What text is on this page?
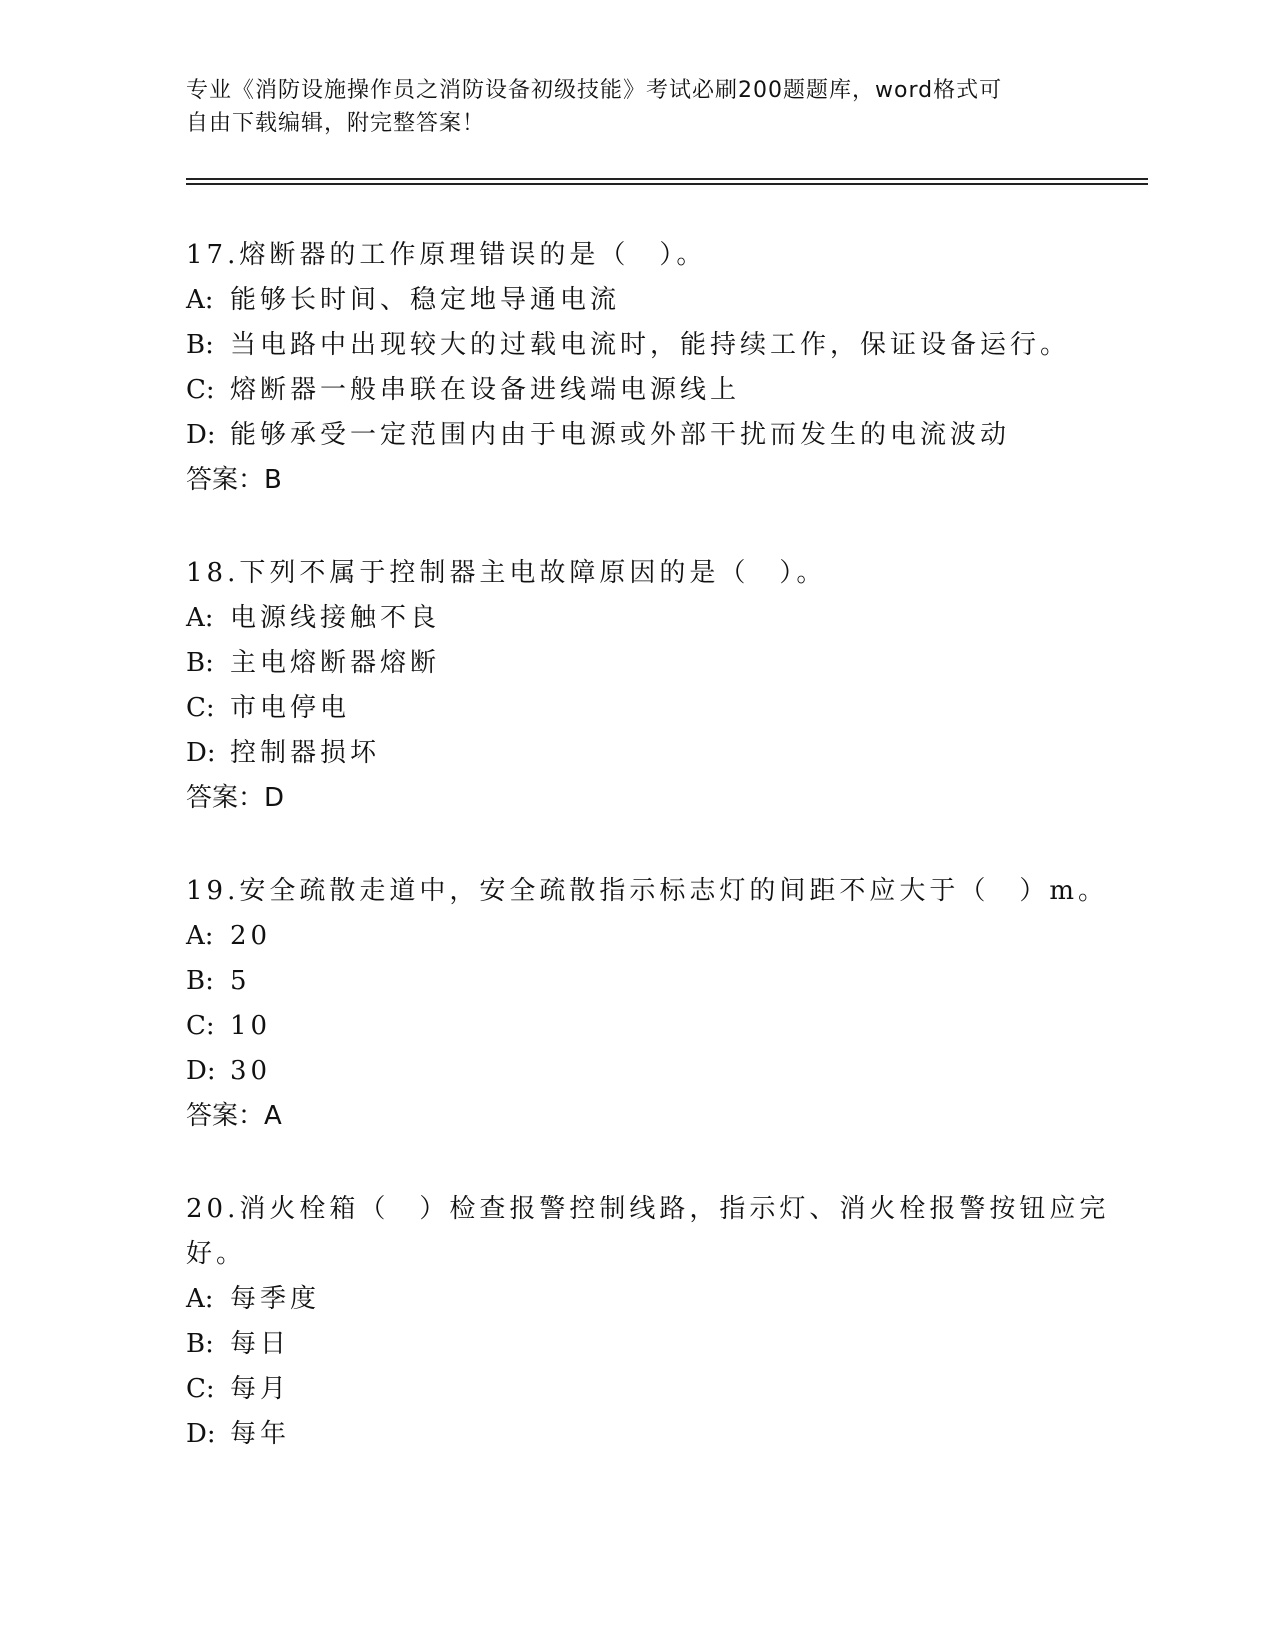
专业《消防设施操作员之消防设备初级技能》考试必刷200题题库，word格式可
自由下载编辑，附完整答案！
17.熔断器的工作原理错误的是（　）。
A: 能够长时间、稳定地导通电流
B: 当电路中出现较大的过载电流时，能持续工作，保证设备运行。
C: 熔断器一般串联在设备进线端电源线上
D: 能够承受一定范围内由于电源或外部干扰而发生的电流波动
答案：B
18.下列不属于控制器主电故障原因的是（　）。
A: 电源线接触不良
B: 主电熔断器熔断
C: 市电停电
D: 控制器损坏
答案：D
19.安全疏散走道中，安全疏散指示标志灯的间距不应大于（　）m。
A: 20
B: 5
C: 10
D: 30
答案：A
20.消火栓箱（　）检查报警控制线路，指示灯、消火栓报警按钮应完
好。
A: 每季度
B: 每日
C: 每月
D: 每年
